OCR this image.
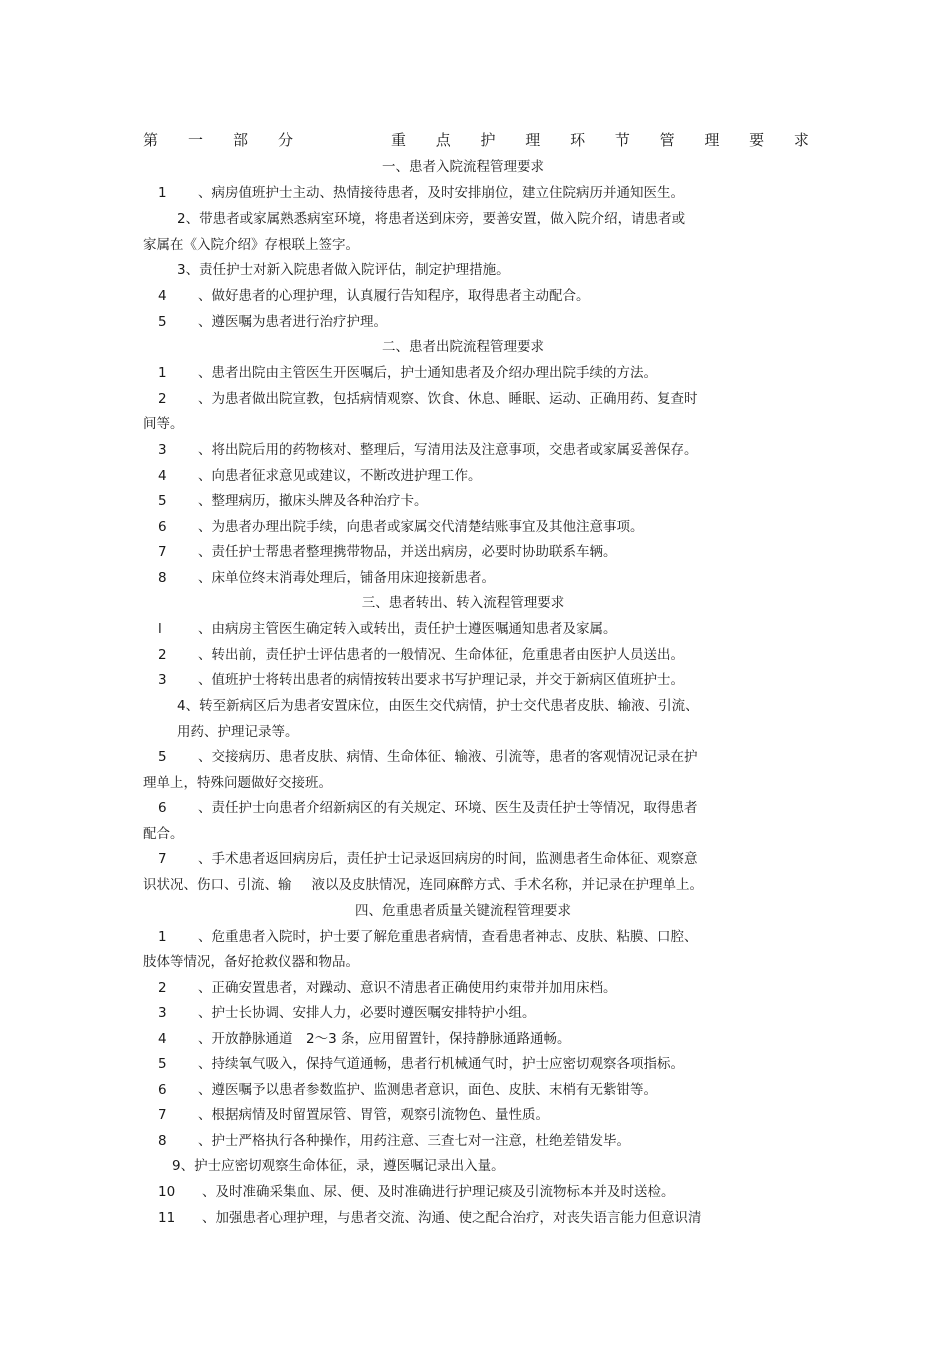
第 一 部 分	重 点 护 理 环 节 管 理 要 求
一、患者入院流程管理要求
1 、病房值班护士主动、热情接待患者，及时安排崩位，建立住院病历并通知医生。
2、带患者或家属熟悉病室环境，将患者送到床旁，要善安置，做入院介绍，请患者或
家属在《入院介绍》存根联上签字。
3、责任护士对新入院患者做入院评估，制定护理措施。
4 、做好患者的心理护理，认真履行告知程序，取得患者主动配合。
5 、遵医嘱为患者进行治疗护理。
二、患者出院流程管理要求
1 、患者出院由主管医生开医嘱后，护士通知患者及介绍办理出院手续的方法。
2 、为患者做出院宣教，包括病情观察、饮食、休息、睡眠、运动、正确用药、复查时
间等。
3 、将出院后用的药物核对、整理后，写清用法及注意事项，交患者或家属妥善保存。
4 、向患者征求意见或建议，不断改进护理工作。
5 、整理病历，撤床头牌及各种治疗卡。
6 、为患者办理出院手续，向患者或家属交代清楚结账事宜及其他注意事项。
7 、责任护士帮患者整理携带物品，并送出病房，必要时协助联系车辆。
8 、床单位终末消毒处理后，铺备用床迎接新患者。
三、患者转出、转入流程管理要求
l	、由病房主管医生确定转入或转出，责任护士遵医嘱通知患者及家属。
2 、转出前，责任护士评估患者的一般情况、生命体征，危重患者由医护人员送出。
3 、值班护士将转出患者的病情按转出要求书写护理记录，并交于新病区值班护士。
4、转至新病区后为患者安置床位，由医生交代病情，护士交代患者皮肤、输液、引流、
用药、护理记录等。
5 、交接病历、患者皮肤、病情、生命体征、输液、引流等，患者的客观情况记录在护
理单上，特殊问题做好交接班。
6 、责任护士向患者介绍新病区的有关规定、环境、医生及责任护士等情况，取得患者
配合。
7 、手术患者返回病房后，责任护士记录返回病房的时间，监测患者生命体征、观察意
识状况、伤口、引流、输 液以及皮肤情况，连同麻醉方式、手术名称，并记录在护理单上。
四、危重患者质量关键流程管理要求
1 、危重患者入院时，护士要了解危重患者病情，查看患者神志、皮肤、粘膜、口腔、
肢体等情况，备好抢救仪器和物品。
2 、正确安置患者，对躁动、意识不清患者正确使用约束带并加用床档。
3 、护士长协调、安排人力，必要时遵医嘱安排特护小组。
4 、开放静脉通道　2～3 条，应用留置针，保持静脉通路通畅。
5 、持续氧气吸入，保持气道通畅，患者行机械通气时，护士应密切观察各项指标。
6 、遵医嘱予以患者参数监护、监测患者意识，面色、皮肤、末梢有无紫钳等。
7 、根据病情及时留置尿管、胃管，观察引流物色、量性质。
8 、护士严格执行各种操作，用药注意、三查七对一注意，杜绝差错发毕。
9、护士应密切观察生命体征，录，遵医嘱记录出入量。
10 、及时准确采集血、尿、便、及时准确进行护理记痰及引流物标本并及时送检。
11 、加强患者心理护理，与患者交流、沟通、使之配合治疗，对丧失语言能力但意识清
